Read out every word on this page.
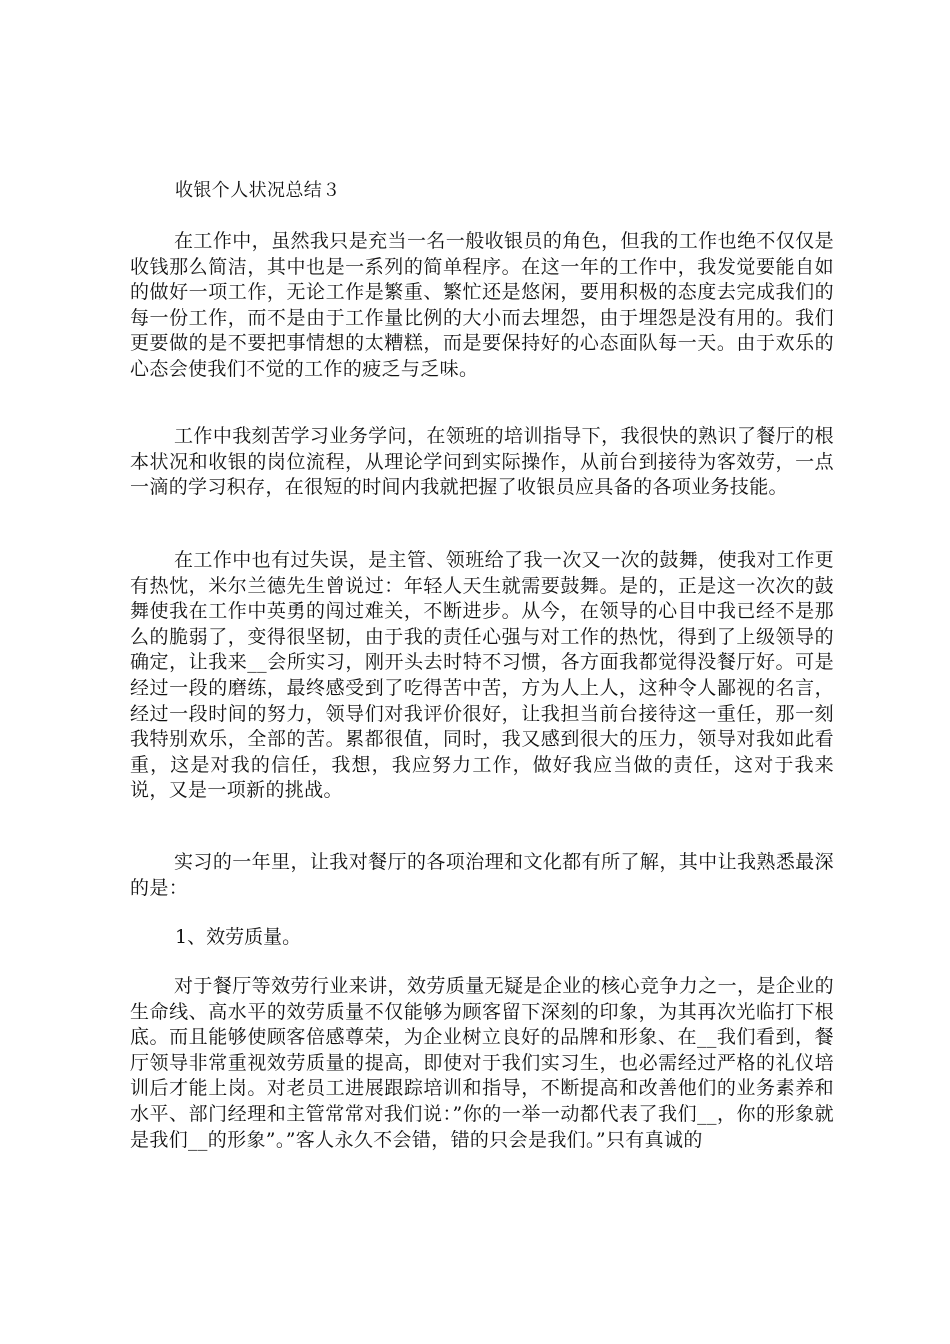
收银个人状况总结３

在工作中，虽然我只是充当一名一般收银员的角色，但我的工作也绝不仅仅是收钱那么简洁，其中也是一系列的简单程序。在这一年的工作中，我发觉要能自如的做好一项工作，无论工作是繁重、繁忙还是悠闲，要用积极的态度去完成我们的每一份工作，而不是由于工作量比例的大小而去埋怨，由于埋怨是没有用的。我们更要做的是不要把事情想的太糟糕，而是要保持好的心态面队每一天。由于欢乐的心态会使我们不觉的工作的疲乏与乏味。

工作中我刻苦学习业务学问，在领班的培训指导下，我很快的熟识了餐厅的根本状况和收银的岗位流程，从理论学问到实际操作，从前台到接待为客效劳，一点一滴的学习积存，在很短的时间内我就把握了收银员应具备的各项业务技能。

在工作中也有过失误，是主管、领班给了我一次又一次的鼓舞，使我对工作更有热忱，米尔兰德先生曾说过：年轻人天生就需要鼓舞。是的，正是这一次次的鼓舞使我在工作中英勇的闯过难关，不断进步。从今，在领导的心目中我已经不是那么的脆弱了，变得很坚韧，由于我的责任心强与对工作的热忱，得到了上级领导的确定，让我来__会所实习，刚开头去时特不习惯，各方面我都觉得没餐厅好。可是经过一段的磨练，最终感受到了吃得苦中苦，方为人上人，这种令人鄙视的名言，经过一段时间的努力，领导们对我评价很好，让我担当前台接待这一重任，那一刻我特别欢乐，全部的苦。累都很值，同时，我又感到很大的压力，领导对我如此看重，这是对我的信任，我想，我应努力工作，做好我应当做的责任，这对于我来说，又是一项新的挑战。

实习的一年里，让我对餐厅的各项治理和文化都有所了解，其中让我熟悉最深的是：

1、效劳质量。

对于餐厅等效劳行业来讲，效劳质量无疑是企业的核心竞争力之一，是企业的生命线、高水平的效劳质量不仅能够为顾客留下深刻的印象，为其再次光临打下根底。而且能够使顾客倍感尊荣，为企业树立良好的品牌和形象、在__我们看到，餐厅领导非常重视效劳质量的提高，即使对于我们实习生，也必需经过严格的礼仪培训后才能上岗。对老员工进展跟踪培训和指导，不断提高和改善他们的业务素养和水平、部门经理和主管常常对我们说：”你的一举一动都代表了我们__，你的形象就是我们__的形象”。”客人永久不会错，错的只会是我们。”只有真诚的
